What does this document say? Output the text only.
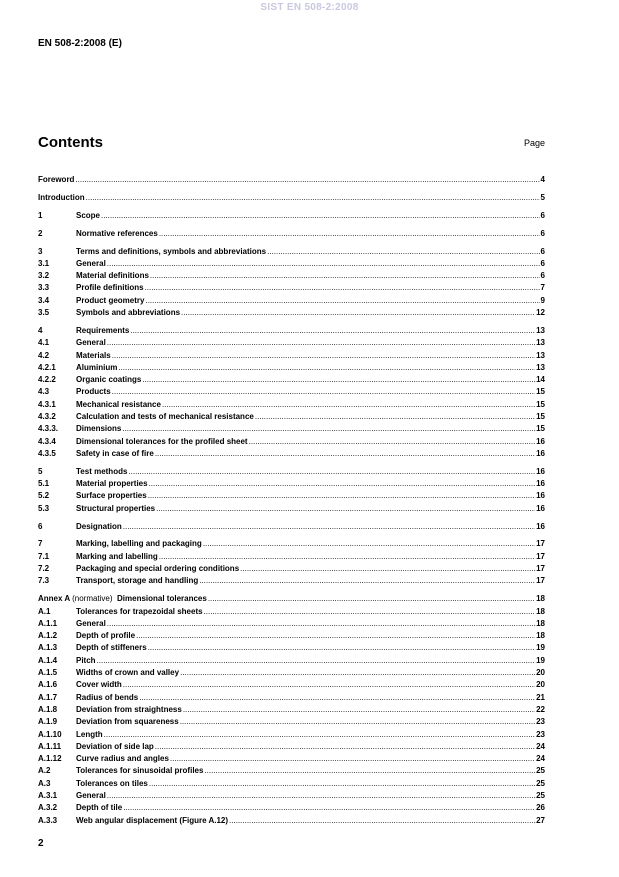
SIST EN 508-2:2008
EN 508-2:2008 (E)
Contents	Page
Foreword .....	4
Introduction .....	5
1	Scope .....	6
2	Normative references .....	6
3	Terms and definitions, symbols and abbreviations .....	6
3.1	General .....	6
3.2	Material definitions .....	6
3.3	Profile definitions .....	7
3.4	Product geometry .....	9
3.5	Symbols and abbreviations .....	12
4	Requirements .....	13
4.1	General .....	13
4.2	Materials .....	13
4.2.1	Aluminium .....	13
4.2.2	Organic coatings .....	14
4.3	Products .....	15
4.3.1	Mechanical resistance .....	15
4.3.2	Calculation and tests of mechanical resistance .....	15
4.3.3.	Dimensions .....	15
4.3.4	Dimensional tolerances for the profiled sheet .....	16
4.3.5	Safety in case of fire .....	16
5	Test methods .....	16
5.1	Material properties .....	16
5.2	Surface properties .....	16
5.3	Structural properties .....	16
6	Designation .....	16
7	Marking, labelling and packaging .....	17
7.1	Marking and labelling .....	17
7.2	Packaging and special ordering conditions .....	17
7.3	Transport, storage and handling .....	17
Annex A (normative) Dimensional tolerances .....	18
A.1	Tolerances for trapezoidal sheets .....	18
A.1.1	General .....	18
A.1.2	Depth of profile .....	18
A.1.3	Depth of stiffeners .....	19
A.1.4	Pitch .....	19
A.1.5	Widths of crown and valley .....	20
A.1.6	Cover width .....	20
A.1.7	Radius of bends .....	21
A.1.8	Deviation from straightness .....	22
A.1.9	Deviation from squareness .....	23
A.1.10	Length .....	23
A.1.11	Deviation of side lap .....	24
A.1.12	Curve radius and angles .....	24
A.2	Tolerances for sinusoidal profiles .....	25
A.3	Tolerances on tiles .....	25
A.3.1	General .....	25
A.3.2	Depth of tile .....	26
A.3.3	Web angular displacement (Figure A.12) .....	27
2
